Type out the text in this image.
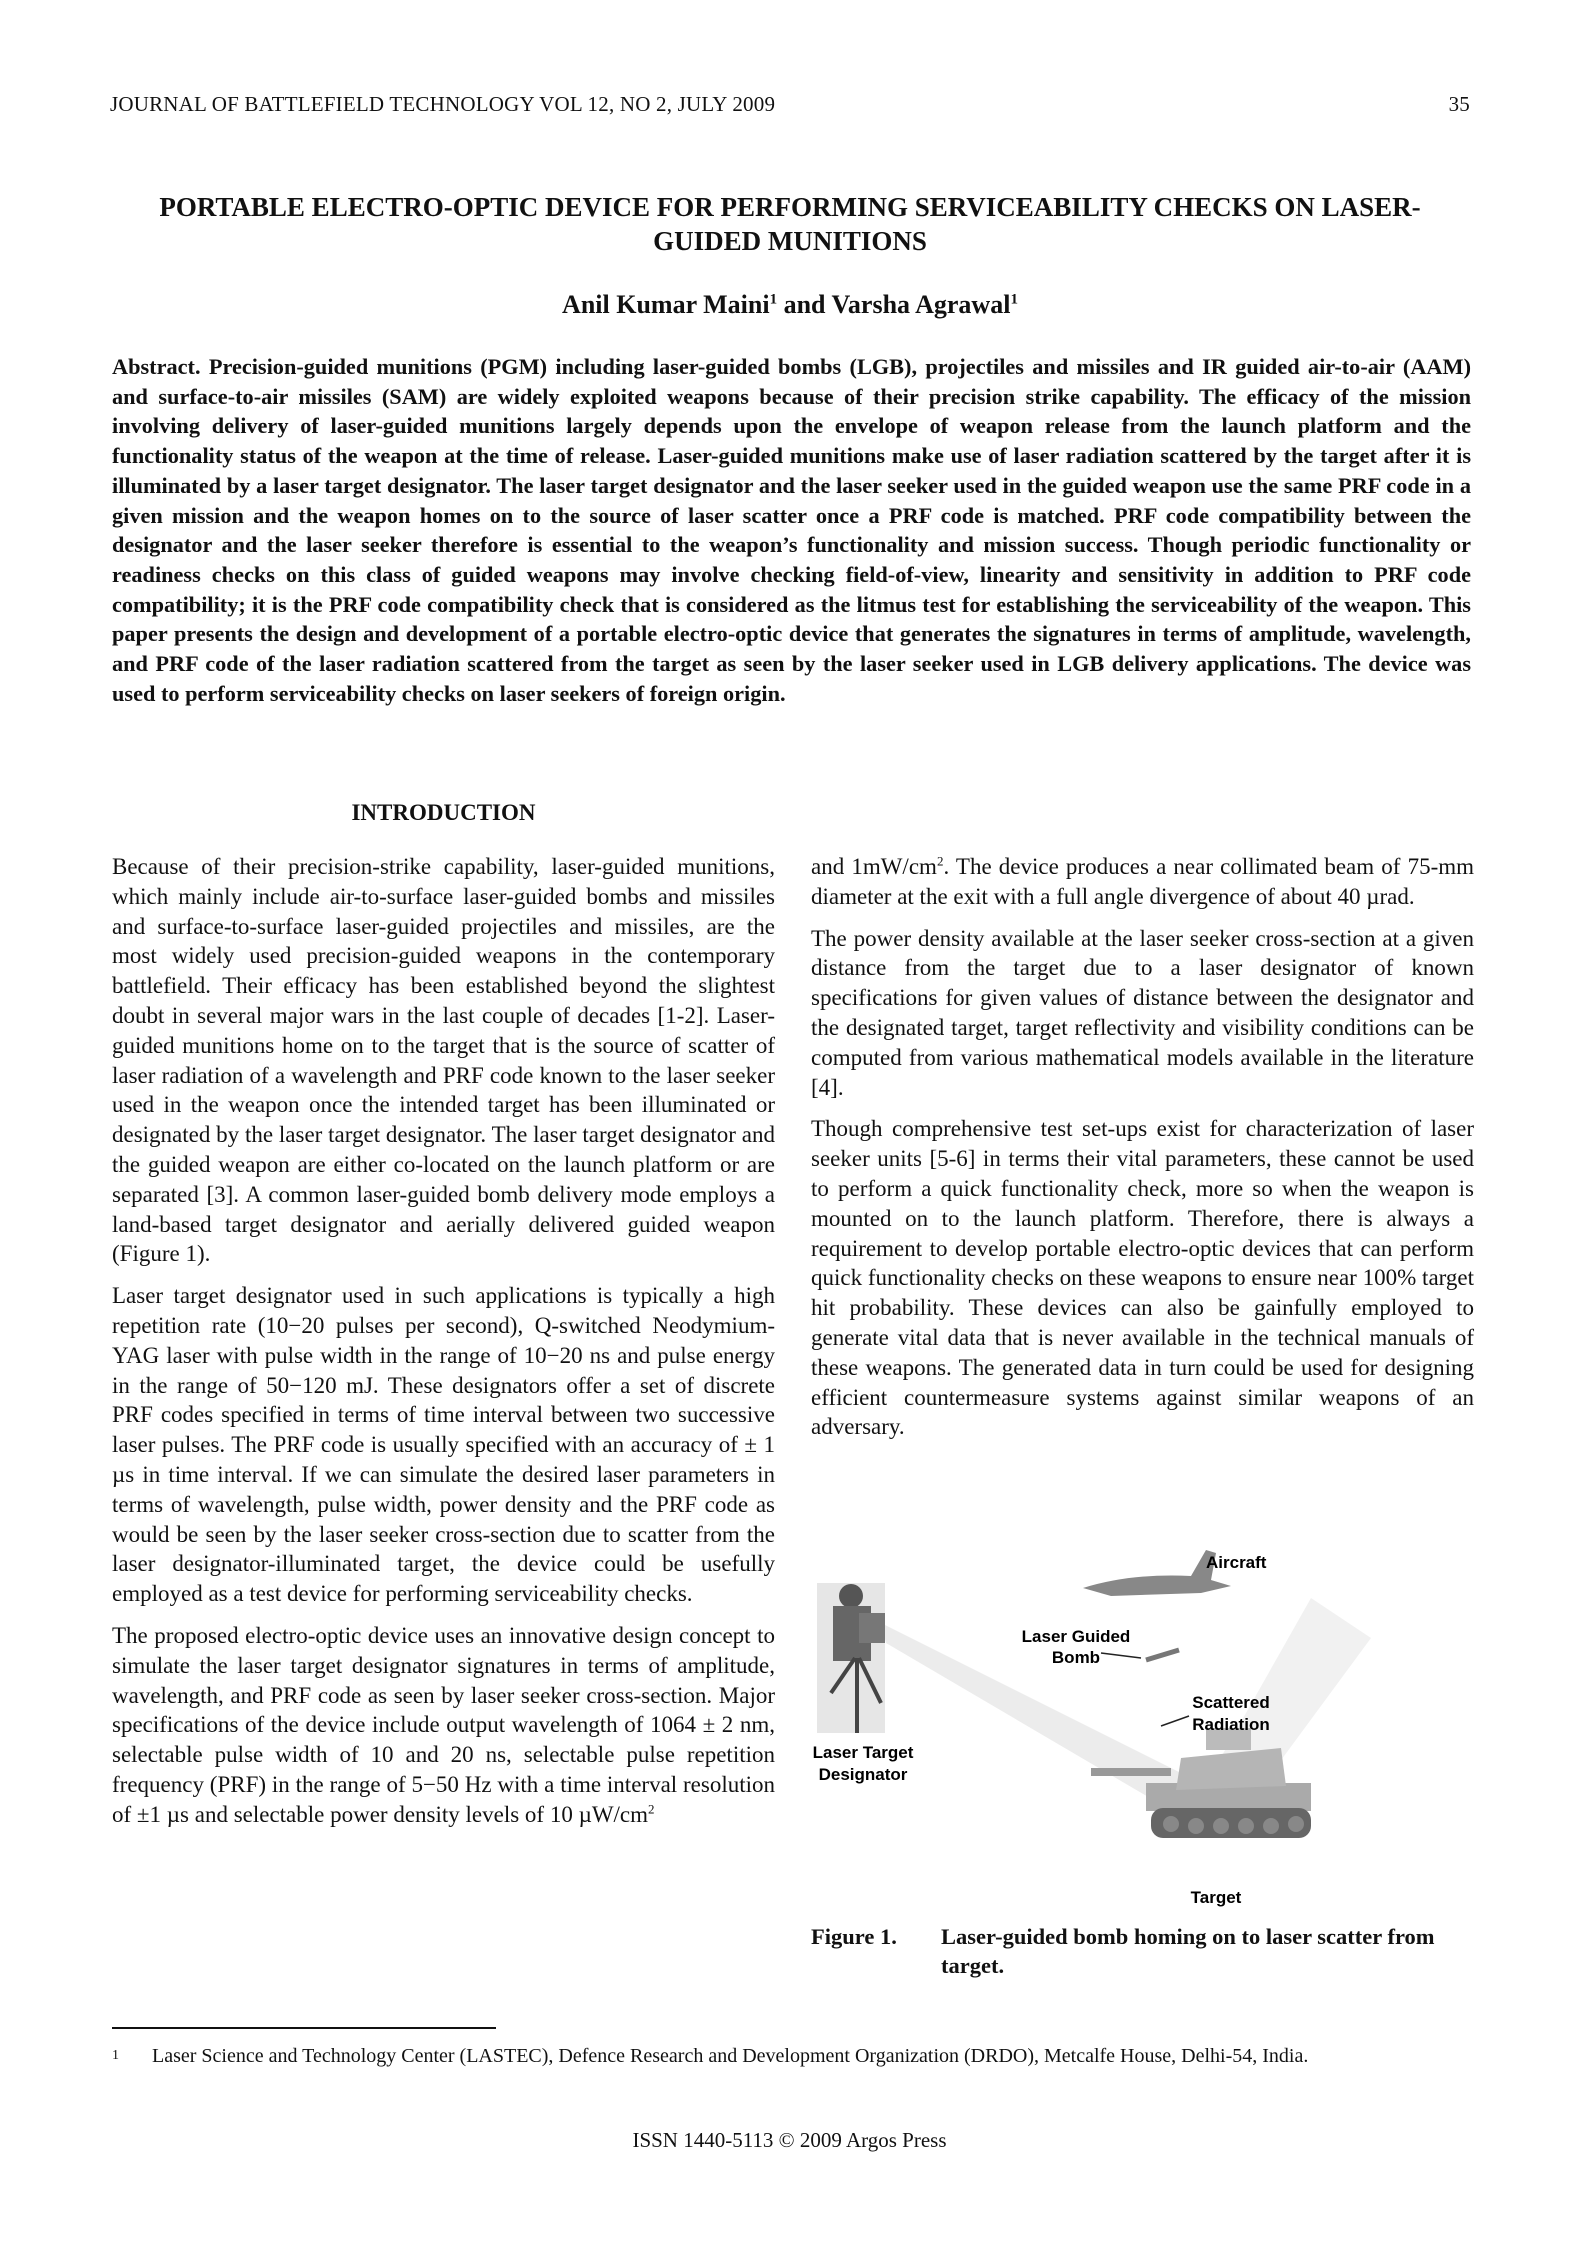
JOURNAL OF BATTLEFIELD TECHNOLOGY VOL 12, NO 2, JULY 2009	35
PORTABLE ELECTRO-OPTIC DEVICE FOR PERFORMING SERVICEABILITY CHECKS ON LASER-GUIDED MUNITIONS
Anil Kumar Maini$^1$ and Varsha Agrawal$^1$
Abstract. Precision-guided munitions (PGM) including laser-guided bombs (LGB), projectiles and missiles and IR guided air-to-air (AAM) and surface-to-air missiles (SAM) are widely exploited weapons because of their precision strike capability. The efficacy of the mission involving delivery of laser-guided munitions largely depends upon the envelope of weapon release from the launch platform and the functionality status of the weapon at the time of release. Laser-guided munitions make use of laser radiation scattered by the target after it is illuminated by a laser target designator. The laser target designator and the laser seeker used in the guided weapon use the same PRF code in a given mission and the weapon homes on to the source of laser scatter once a PRF code is matched. PRF code compatibility between the designator and the laser seeker therefore is essential to the weapon’s functionality and mission success. Though periodic functionality or readiness checks on this class of guided weapons may involve checking field-of-view, linearity and sensitivity in addition to PRF code compatibility; it is the PRF code compatibility check that is considered as the litmus test for establishing the serviceability of the weapon. This paper presents the design and development of a portable electro-optic device that generates the signatures in terms of amplitude, wavelength, and PRF code of the laser radiation scattered from the target as seen by the laser seeker used in LGB delivery applications. The device was used to perform serviceability checks on laser seekers of foreign origin.
INTRODUCTION

Because of their precision-strike capability, laser-guided munitions, which mainly include air-to-surface laser-guided bombs and missiles and surface-to-surface laser-guided projectiles and missiles, are the most widely used precision-guided weapons in the contemporary battlefield. Their efficacy has been established beyond the slightest doubt in several major wars in the last couple of decades [1-2]. Laser-guided munitions home on to the target that is the source of scatter of laser radiation of a wavelength and PRF code known to the laser seeker used in the weapon once the intended target has been illuminated or designated by the laser target designator. The laser target designator and the guided weapon are either co-located on the launch platform or are separated [3]. A common laser-guided bomb delivery mode employs a land-based target designator and aerially delivered guided weapon (Figure 1).

Laser target designator used in such applications is typically a high repetition rate (10−20 pulses per second), Q-switched Neodymium-YAG laser with pulse width in the range of 10−20 ns and pulse energy in the range of 50−120 mJ. These designators offer a set of discrete PRF codes specified in terms of time interval between two successive laser pulses. The PRF code is usually specified with an accuracy of ± 1 µs in time interval. If we can simulate the desired laser parameters in terms of wavelength, pulse width, power density and the PRF code as would be seen by the laser seeker cross-section due to scatter from the laser designator-illuminated target, the device could be usefully employed as a test device for performing serviceability checks.

The proposed electro-optic device uses an innovative design concept to simulate the laser target designator signatures in terms of amplitude, wavelength, and PRF code as seen by laser seeker cross-section. Major specifications of the device include output wavelength of 1064 ± 2 nm, selectable pulse width of 10 and 20 ns, selectable pulse repetition frequency (PRF) in the range of 5−50 Hz with a time interval resolution of ±1 µs and selectable power density levels of 10 $\mu W/cm^2$

and $1mW/cm^2$. The device produces a near collimated beam of 75-mm diameter at the exit with a full angle divergence of about 40 µrad.

The power density available at the laser seeker cross-section at a given distance from the target due to a laser designator of known specifications for given values of distance between the designator and the designated target, target reflectivity and visibility conditions can be computed from various mathematical models available in the literature [4].

Though comprehensive test set-ups exist for characterization of laser seeker units [5-6] in terms their vital parameters, these cannot be used to perform a quick functionality check, more so when the weapon is mounted on to the launch platform. Therefore, there is always a requirement to develop portable electro-optic devices that can perform quick functionality checks on these weapons to ensure near 100% target hit probability. These devices can also be gainfully employed to generate vital data that is never available in the technical manuals of these weapons. The generated data in turn could be used for designing efficient countermeasure systems against similar weapons of an adversary.

Aircraft
Laser Guided
Bomb
Scattered
Radiation
Laser Target
Designator
Target
Figure 1.	Laser-guided bomb homing on to laser scatter from target.
1	Laser Science and Technology Center (LASTEC), Defence Research and Development Organization (DRDO), Metcalfe House, Delhi-54, India.
ISSN 1440-5113 © 2009 Argos Press
